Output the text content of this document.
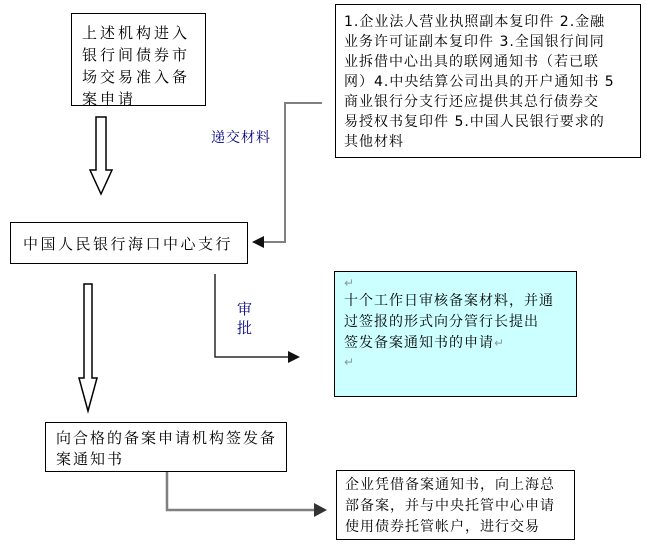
上述机构进入
银行间债券市
场交易准入备
案申请
1.企业法人营业执照副本复印件 2.金融
业务许可证副本复印件 3.全国银行间同
业拆借中心出具的联网通知书（若已联
网）4.中央结算公司出具的开户通知书 5
商业银行分支行还应提供其总行债券交
易授权书复印件 5.中国人民银行要求的
其他材料
递交材料
中国人民银行海口中心支行
审批
↵
十个工作日审核备案材料，并通
过签报的形式向分管行长提出
签发备案通知书的申请↵
↵
向合格的备案申请机构签发备
案通知书
企业凭借备案通知书，向上海总
部备案，并与中央托管中心申请
使用债券托管帐户，进行交易
